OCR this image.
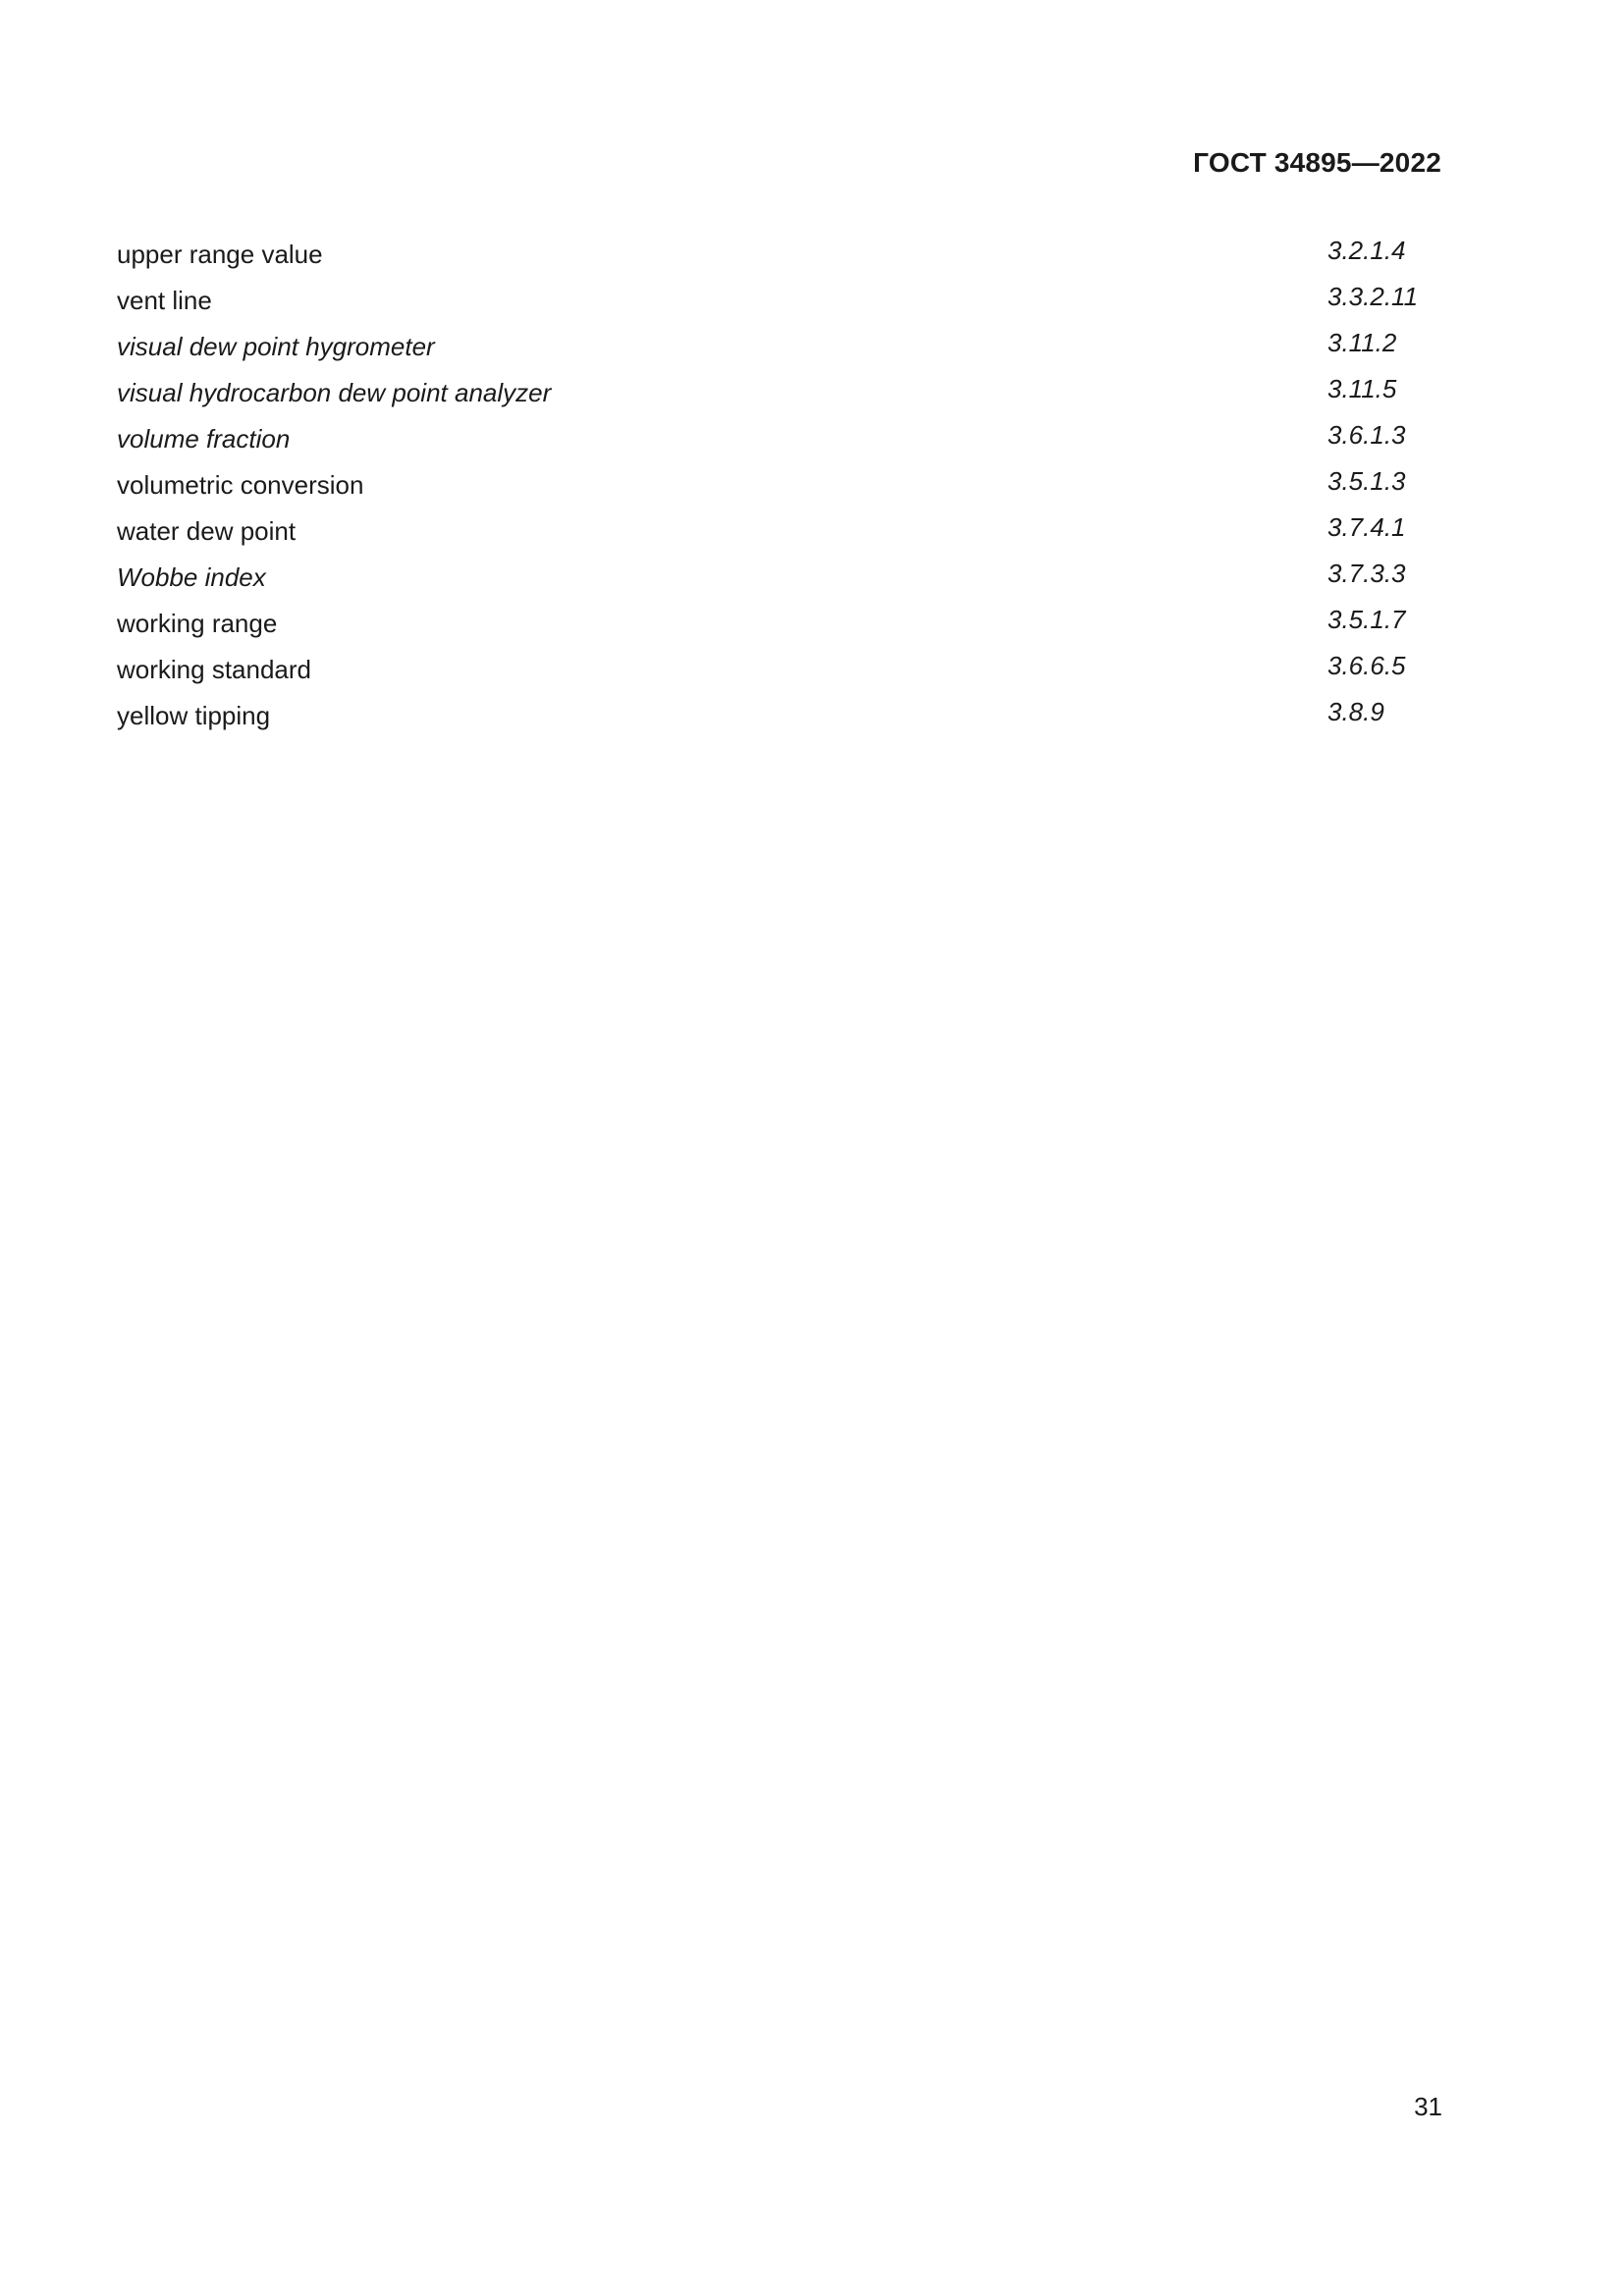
ГОСТ 34895—2022
upper range value	3.2.1.4
vent line	3.3.2.11
visual dew point hygrometer	3.11.2
visual hydrocarbon dew point analyzer	3.11.5
volume fraction	3.6.1.3
volumetric conversion	3.5.1.3
water dew point	3.7.4.1
Wobbe index	3.7.3.3
working range	3.5.1.7
working standard	3.6.6.5
yellow tipping	3.8.9
31
